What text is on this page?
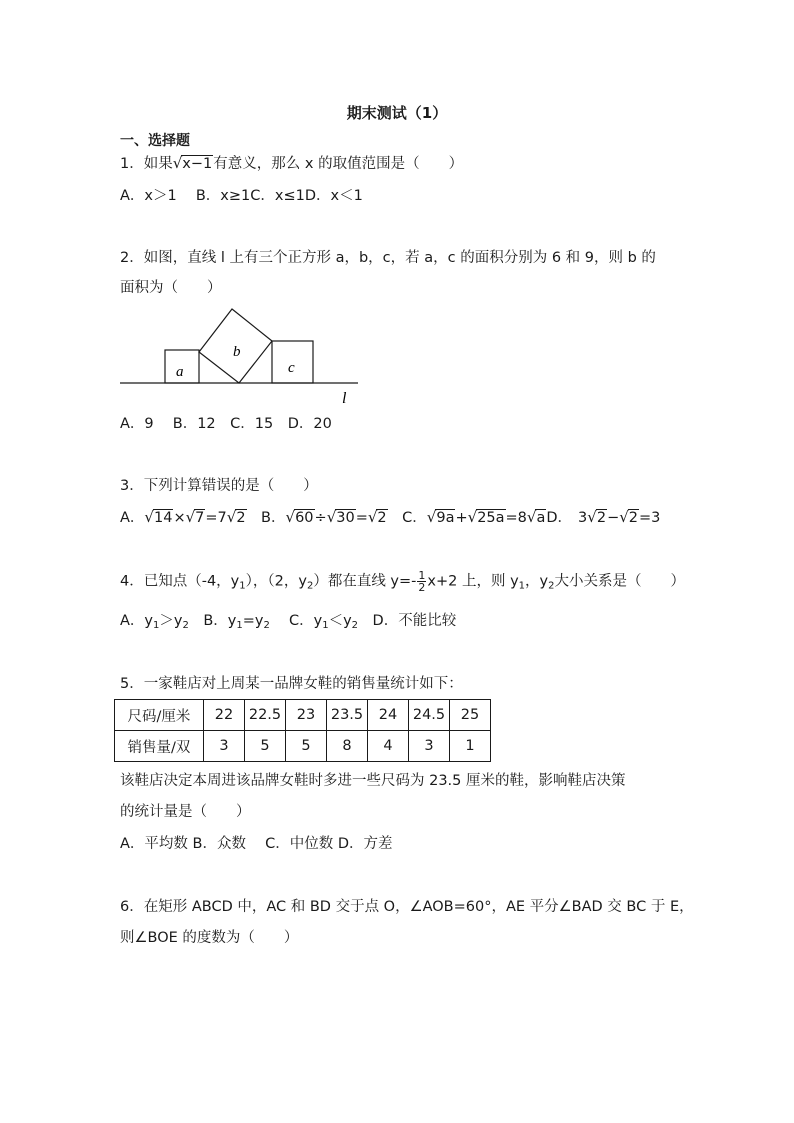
期末测试（1）
一、选择题
1．如果√x−1有意义，那么 x 的取值范围是（　　）
A．x＞1　 B．x≥1C．x≤1D．x＜1
2．如图，直线 l 上有三个正方形 a，b，c，若 a，c 的面积分别为 6 和 9，则 b 的
面积为（　　）
a
b
c
l
A．9　 B．12　C．15　D．20
3．下列计算错误的是（　　）
A．√14×√7=7√2　B．√60÷√30=√2　C．√9a+√25a=8√aD． 3√2−√2=3
4．已知点（-4，$y_1$），（2，$y_2$）都在直线 $y=- \frac{1}{2} x+2$ 上，则 $y_1$，$y_2$大小关系是（　　）
A．$y_1>y_2$　B．$y_1=y_2$　 C．$y_1<y_2$　D．不能比较
5．一家鞋店对上周某一品牌女鞋的销售量统计如下：
尺码/厘米	22	22.5	23	23.5	24	24.5	25
销售量/双	3	5	5	8	4	3	1
该鞋店决定本周进该品牌女鞋时多进一些尺码为 23.5 厘米的鞋，影响鞋店决策
的统计量是（　　）
A．平均数 B．众数　 C．中位数 D．方差
6．在矩形 ABCD 中，AC 和 BD 交于点 O，∠AOB=60°，AE 平分∠BAD 交 BC 于 E，
则∠BOE 的度数为（　　）
